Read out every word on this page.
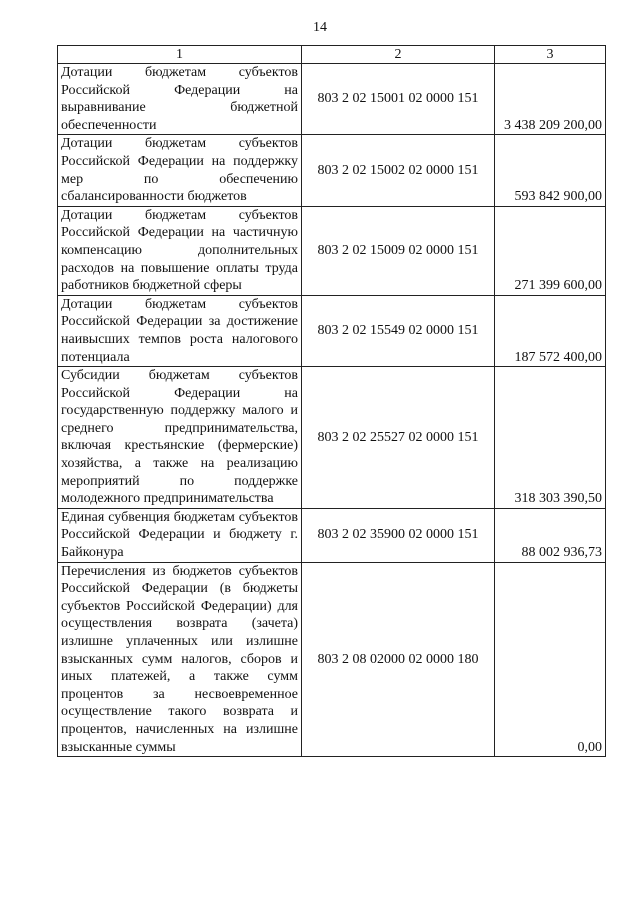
14
1	2	3
Дотации бюджетам субъектов Российской Федерации на выравнивание бюджетной обеспеченности	803 2 02 15001 02 0000 151	3 438 209 200,00
Дотации бюджетам субъектов Российской Федерации на поддержку мер по обеспечению сбалансированности бюджетов	803 2 02 15002 02 0000 151	593 842 900,00
Дотации бюджетам субъектов Российской Федерации на частичную компенсацию дополнительных расходов на повышение оплаты труда работников бюджетной сферы	803 2 02 15009 02 0000 151	271 399 600,00
Дотации бюджетам субъектов Российской Федерации за достижение наивысших темпов роста налогового потенциала	803 2 02 15549 02 0000 151	187 572 400,00
Субсидии бюджетам субъектов Российской Федерации на государственную поддержку малого и среднего предпринимательства, включая крестьянские (фермерские) хозяйства, а также на реализацию мероприятий по поддержке молодежного предпринимательства	803 2 02 25527 02 0000 151	318 303 390,50
Единая субвенция бюджетам субъектов Российской Федерации и бюджету г. Байконура	803 2 02 35900 02 0000 151	88 002 936,73
Перечисления из бюджетов субъектов Российской Федерации (в бюджеты субъектов Российской Федерации) для осуществления возврата (зачета) излишне уплаченных или излишне взысканных сумм налогов, сборов и иных платежей, а также сумм процентов за несвоевременное осуществление такого возврата и процентов, начисленных на излишне взысканные суммы	803 2 08 02000 02 0000 180	0,00
